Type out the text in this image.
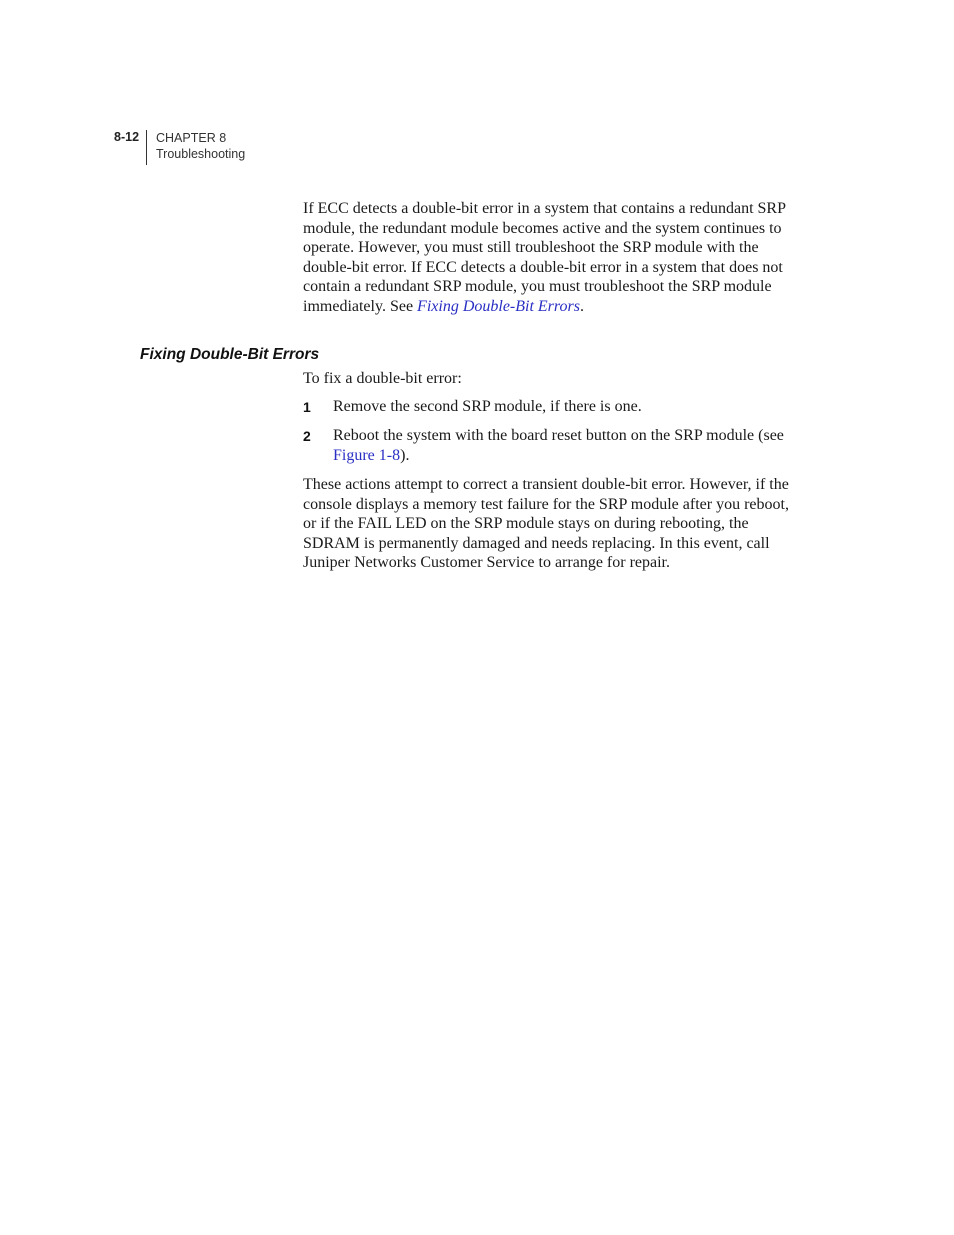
8-12 CHAPTER 8
Troubleshooting

If ECC detects a double-bit error in a system that contains a redundant SRP module, the redundant module becomes active and the system continues to operate. However, you must still troubleshoot the SRP module with the double-bit error. If ECC detects a double-bit error in a system that does not contain a redundant SRP module, you must troubleshoot the SRP module immediately. See Fixing Double-Bit Errors.

Fixing Double-Bit Errors

To fix a double-bit error:

1 Remove the second SRP module, if there is one.
2 Reboot the system with the board reset button on the SRP module (see Figure 1-8).

These actions attempt to correct a transient double-bit error. However, if the console displays a memory test failure for the SRP module after you reboot, or if the FAIL LED on the SRP module stays on during rebooting, the SDRAM is permanently damaged and needs replacing. In this event, call Juniper Networks Customer Service to arrange for repair.
